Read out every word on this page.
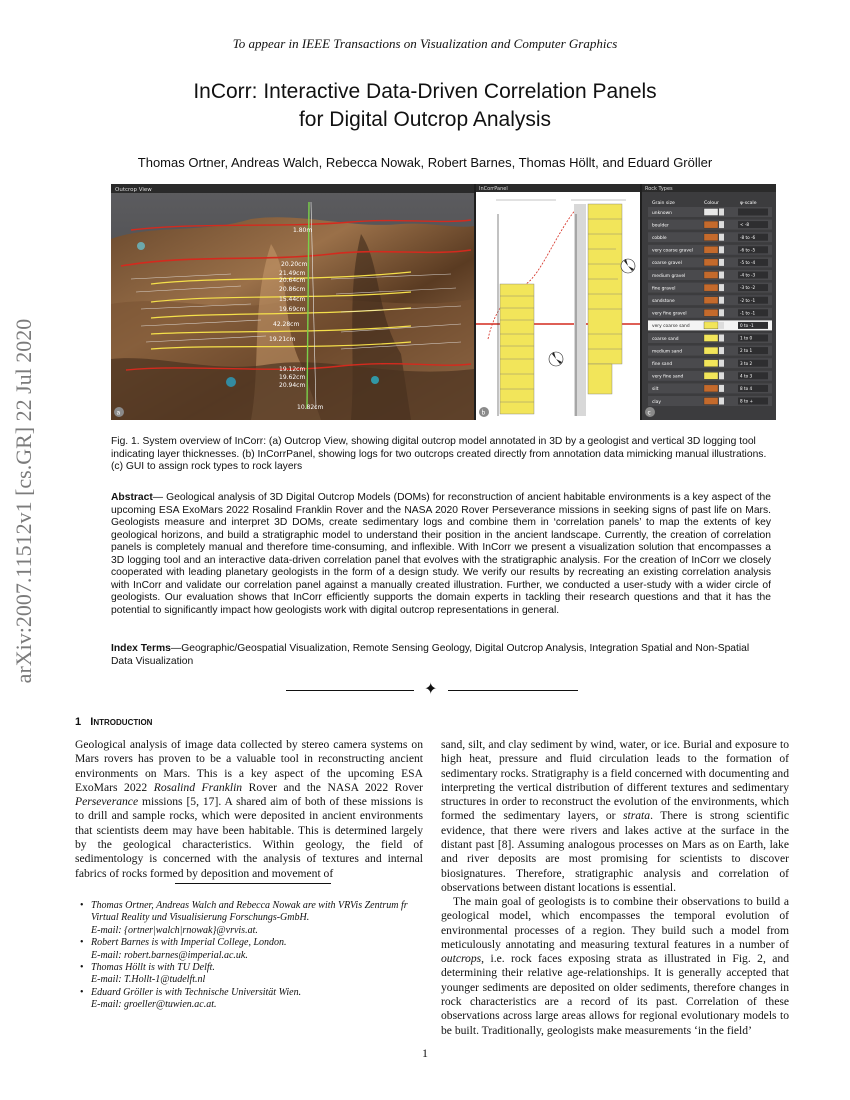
To appear in IEEE Transactions on Visualization and Computer Graphics
InCorr: Interactive Data-Driven Correlation Panels
for Digital Outcrop Analysis
Thomas Ortner, Andreas Walch, Rebecca Nowak, Robert Barnes, Thomas Höllt, and Eduard Gröller
arXiv:2007.11512v1 [cs.GR] 22 Jul 2020
Outcrop View
1.80m
20.20cm
21.49cm
20.64cm
20.86cm
15.44cm
19.69cm
42.28cm
19.21cm
19.12cm
19.62cm
20.94cm
10.82cm
a
InCorrPanel
b
Rock Types
Grain size	Colour	φ-scale
unknown
boulder	< -8
cobble	-8 to -6
very coarse gravel	-6 to -5
coarse gravel	-5 to -4
medium gravel	-4 to -3
fine gravel	-3 to -2
sandstone	-2 to -1
very fine gravel	-1 to -1
very coarse sand	0 to -1
coarse sand	1 to 0
medium sand	2 to 1
fine sand	3 to 2
very fine sand	4 to 3
silt	8 to 4
clay	8 to +
c
Fig. 1. System overview of InCorr: (a) Outcrop View, showing digital outcrop model annotated in 3D by a geologist and vertical 3D logging tool indicating layer thicknesses. (b) InCorrPanel, showing logs for two outcrops created directly from annotation data mimicking manual illustrations. (c) GUI to assign rock types to rock layers
Abstract— Geological analysis of 3D Digital Outcrop Models (DOMs) for reconstruction of ancient habitable environments is a key aspect of the upcoming ESA ExoMars 2022 Rosalind Franklin Rover and the NASA 2020 Rover Perseverance missions in seeking signs of past life on Mars. Geologists measure and interpret 3D DOMs, create sedimentary logs and combine them in ‘correlation panels’ to map the extents of key geological horizons, and build a stratigraphic model to understand their position in the ancient landscape. Currently, the creation of correlation panels is completely manual and therefore time-consuming, and inflexible. With InCorr we present a visualization solution that encompasses a 3D logging tool and an interactive data-driven correlation panel that evolves with the stratigraphic analysis. For the creation of InCorr we closely cooperated with leading planetary geologists in the form of a design study. We verify our results by recreating an existing correlation analysis with InCorr and validate our correlation panel against a manually created illustration. Further, we conducted a user-study with a wider circle of geologists. Our evaluation shows that InCorr efficiently supports the domain experts in tackling their research questions and that it has the potential to significantly impact how geologists work with digital outcrop representations in general.
Index Terms—Geographic/Geospatial Visualization, Remote Sensing Geology, Digital Outcrop Analysis, Integration Spatial and Non-Spatial Data Visualization
✦
1 Introduction
Geological analysis of image data collected by stereo camera systems on Mars rovers has proven to be a valuable tool in reconstructing ancient environments on Mars. This is a key aspect of the upcoming ESA ExoMars 2022 Rosalind Franklin Rover and the NASA 2022 Rover Perseverance missions [5, 17]. A shared aim of both of these missions is to drill and sample rocks, which were deposited in ancient environments that scientists deem may have been habitable. This is determined largely by the geological characteristics. Within geology, the field of sedimentology is concerned with the analysis of textures and internal fabrics of rocks formed by deposition and movement of
• Thomas Ortner, Andreas Walch and Rebecca Nowak are with VRVis Zentrum fr Virtual Reality und Visualisierung Forschungs-GmbH.
E-mail: {ortner|walch|rnowak}@vrvis.at.
• Robert Barnes is with Imperial College, London.
E-mail: robert.barnes@imperial.ac.uk.
• Thomas Höllt is with TU Delft.
E-mail: T.Hollt-1@tudelft.nl
• Eduard Gröller is with Technische Universität Wien.
E-mail: groeller@tuwien.ac.at.
sand, silt, and clay sediment by wind, water, or ice. Burial and exposure to high heat, pressure and fluid circulation leads to the formation of sedimentary rocks. Stratigraphy is a field concerned with documenting and interpreting the vertical distribution of different textures and sedimentary structures in order to reconstruct the evolution of the environments, which formed the sedimentary layers, or strata. There is strong scientific evidence, that there were rivers and lakes active at the surface in the distant past [8]. Assuming analogous processes on Mars as on Earth, lake and river deposits are most promising for scientists to discover biosignatures. Therefore, stratigraphic analysis and correlation of observations between distant locations is essential.
The main goal of geologists is to combine their observations to build a geological model, which encompasses the temporal evolution of environmental processes of a region. They build such a model from meticulously annotating and measuring textural features in a number of outcrops, i.e. rock faces exposing strata as illustrated in Fig. 2, and determining their relative age-relationships. It is generally accepted that younger sediments are deposited on older sediments, therefore changes in rock characteristics are a record of its past. Correlation of these observations across large areas allows for regional evolutionary models to be built. Traditionally, geologists make measurements ‘in the field’
1
